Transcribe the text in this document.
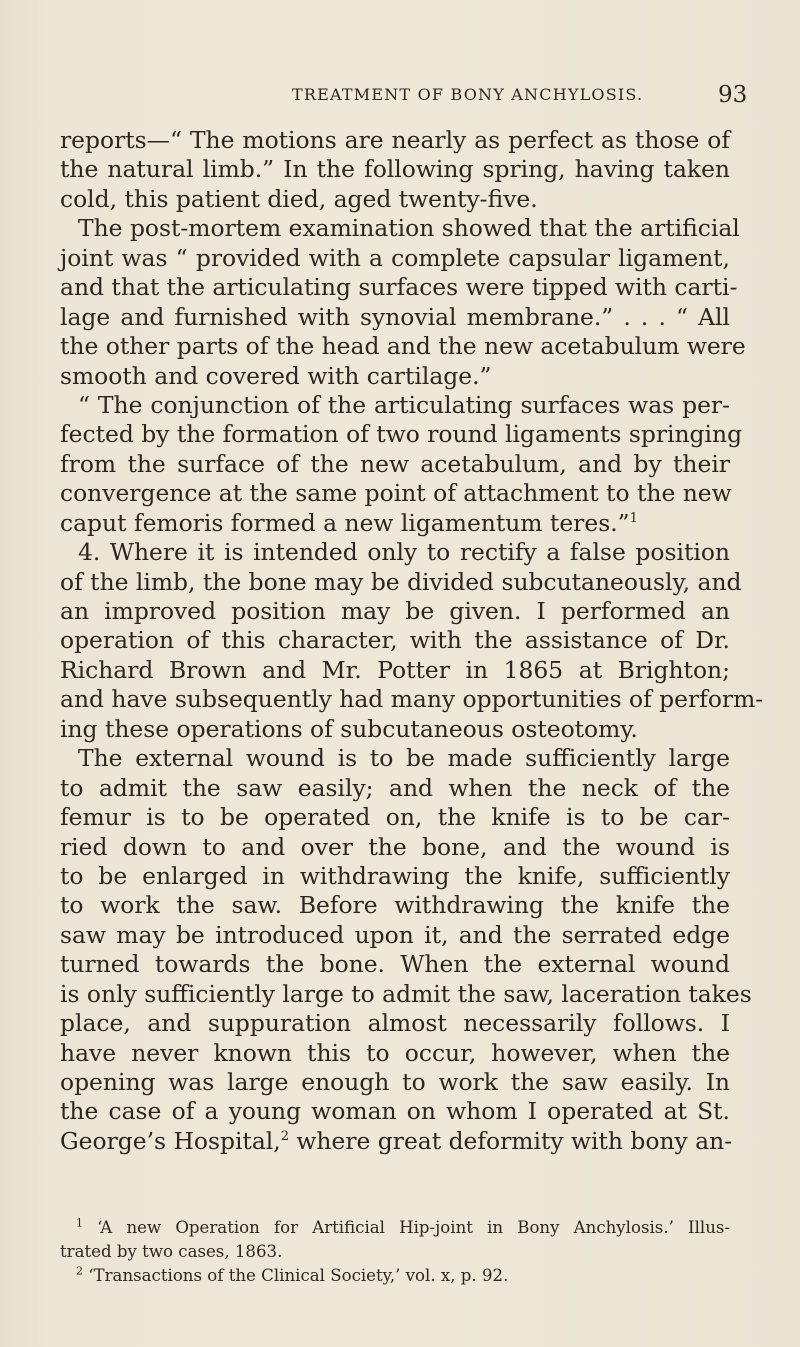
TREATMENT OF BONY ANCHYLOSIS.	93
reports—“ The motions are nearly as perfect as those of
the natural limb.” In the following spring, having taken
cold, this patient died, aged twenty-five.
The post-mortem examination showed that the artificial
joint was “ provided with a complete capsular ligament,
and that the articulating surfaces were tipped with carti-
lage and furnished with synovial membrane.” . . . “ All
the other parts of the head and the new acetabulum were
smooth and covered with cartilage.”
“ The conjunction of the articulating surfaces was per-
fected by the formation of two round ligaments springing
from the surface of the new acetabulum, and by their
convergence at the same point of attachment to the new
caput femoris formed a new ligamentum teres.”$^1$
4. Where it is intended only to rectify a false position
of the limb, the bone may be divided subcutaneously, and
an improved position may be given. I performed an
operation of this character, with the assistance of Dr.
Richard Brown and Mr. Potter in 1865 at Brighton;
and have subsequently had many opportunities of perform-
ing these operations of subcutaneous osteotomy.
The external wound is to be made sufficiently large
to admit the saw easily; and when the neck of the
femur is to be operated on, the knife is to be car-
ried down to and over the bone, and the wound is
to be enlarged in withdrawing the knife, sufficiently
to work the saw. Before withdrawing the knife the
saw may be introduced upon it, and the serrated edge
turned towards the bone. When the external wound
is only sufficiently large to admit the saw, laceration takes
place, and suppuration almost necessarily follows. I
have never known this to occur, however, when the
opening was large enough to work the saw easily. In
the case of a young woman on whom I operated at St.
George’s Hospital,$^2$ where great deformity with bony an-
$^1$ ‘A new Operation for Artificial Hip-joint in Bony Anchylosis.’ Illus-
trated by two cases, 1863.
$^2$ ‘Transactions of the Clinical Society,’ vol. x, p. 92.
